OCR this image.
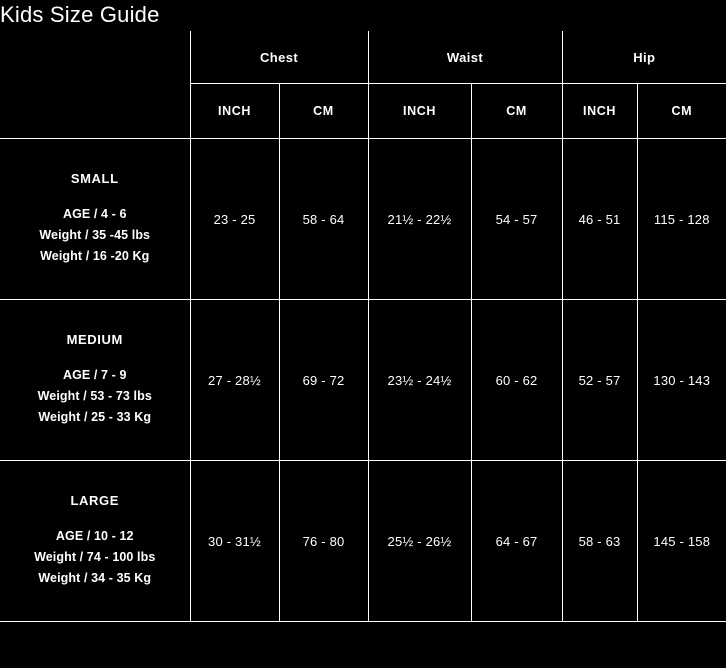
Kids Size Guide
	Chest		Waist		Hip	
	INCH	CM	INCH	CM	INCH	CM

SMALL
AGE / 4 - 6
Weight / 35 -45 lbs
Weight / 16 -20 Kg	23 - 25	58 - 64	21½ - 22½	54 - 57	46 - 51	115 - 128

MEDIUM
AGE / 7 - 9
Weight / 53 - 73 lbs
Weight / 25 - 33 Kg	27 - 28½	69 - 72	23½ - 24½	60 - 62	52 - 57	130 - 143

LARGE
AGE / 10 - 12
Weight / 74 - 100 lbs
Weight / 34 - 35 Kg	30 - 31½	76 - 80	25½ - 26½	64 - 67	58 - 63	145 - 158
